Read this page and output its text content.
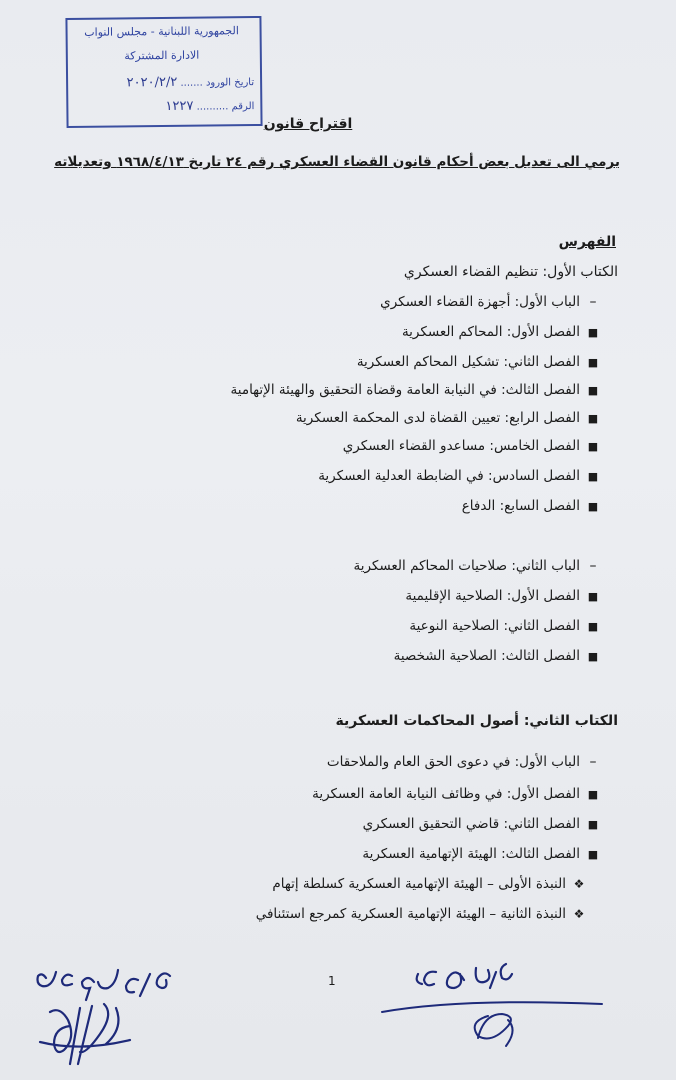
الجمهورية اللبنانية - مجلس النواب
الادارة المشتركة
تاريخ الورود ....... ٢٠٢٠/٢/٢
الرقم .......... ١٢٢٧
اقتراح قانون
يرمي الى تعديل بعض أحكام قانون القضاء العسكري رقم ٢٤ تاريخ ١٩٦٨/٤/١٣ وتعديلاته
الفهرس
الكتاب الأول: تنظيم القضاء العسكري
–الباب الأول: أجهزة القضاء العسكري
■الفصل الأول: المحاكم العسكرية
■الفصل الثاني: تشكيل المحاكم العسكرية
■الفصل الثالث: في النيابة العامة وقضاة التحقيق والهيئة الإتهامية
■الفصل الرابع: تعيين القضاة لدى المحكمة العسكرية
■الفصل الخامس: مساعدو القضاء العسكري
■الفصل السادس: في الضابطة العدلية العسكرية
■الفصل السابع: الدفاع
–الباب الثاني: صلاحيات المحاكم العسكرية
■الفصل الأول: الصلاحية الإقليمية
■الفصل الثاني: الصلاحية النوعية
■الفصل الثالث: الصلاحية الشخصية
الكتاب الثاني: أصول المحاكمات العسكرية
–الباب الأول: في دعوى الحق العام والملاحقات
■الفصل الأول: في وظائف النيابة العامة العسكرية
■الفصل الثاني: قاضي التحقيق العسكري
■الفصل الثالث: الهيئة الإتهامية العسكرية
❖النبذة الأولى – الهيئة الإتهامية العسكرية كسلطة إتهام
❖النبذة الثانية – الهيئة الإتهامية العسكرية كمرجع استئنافي
1
